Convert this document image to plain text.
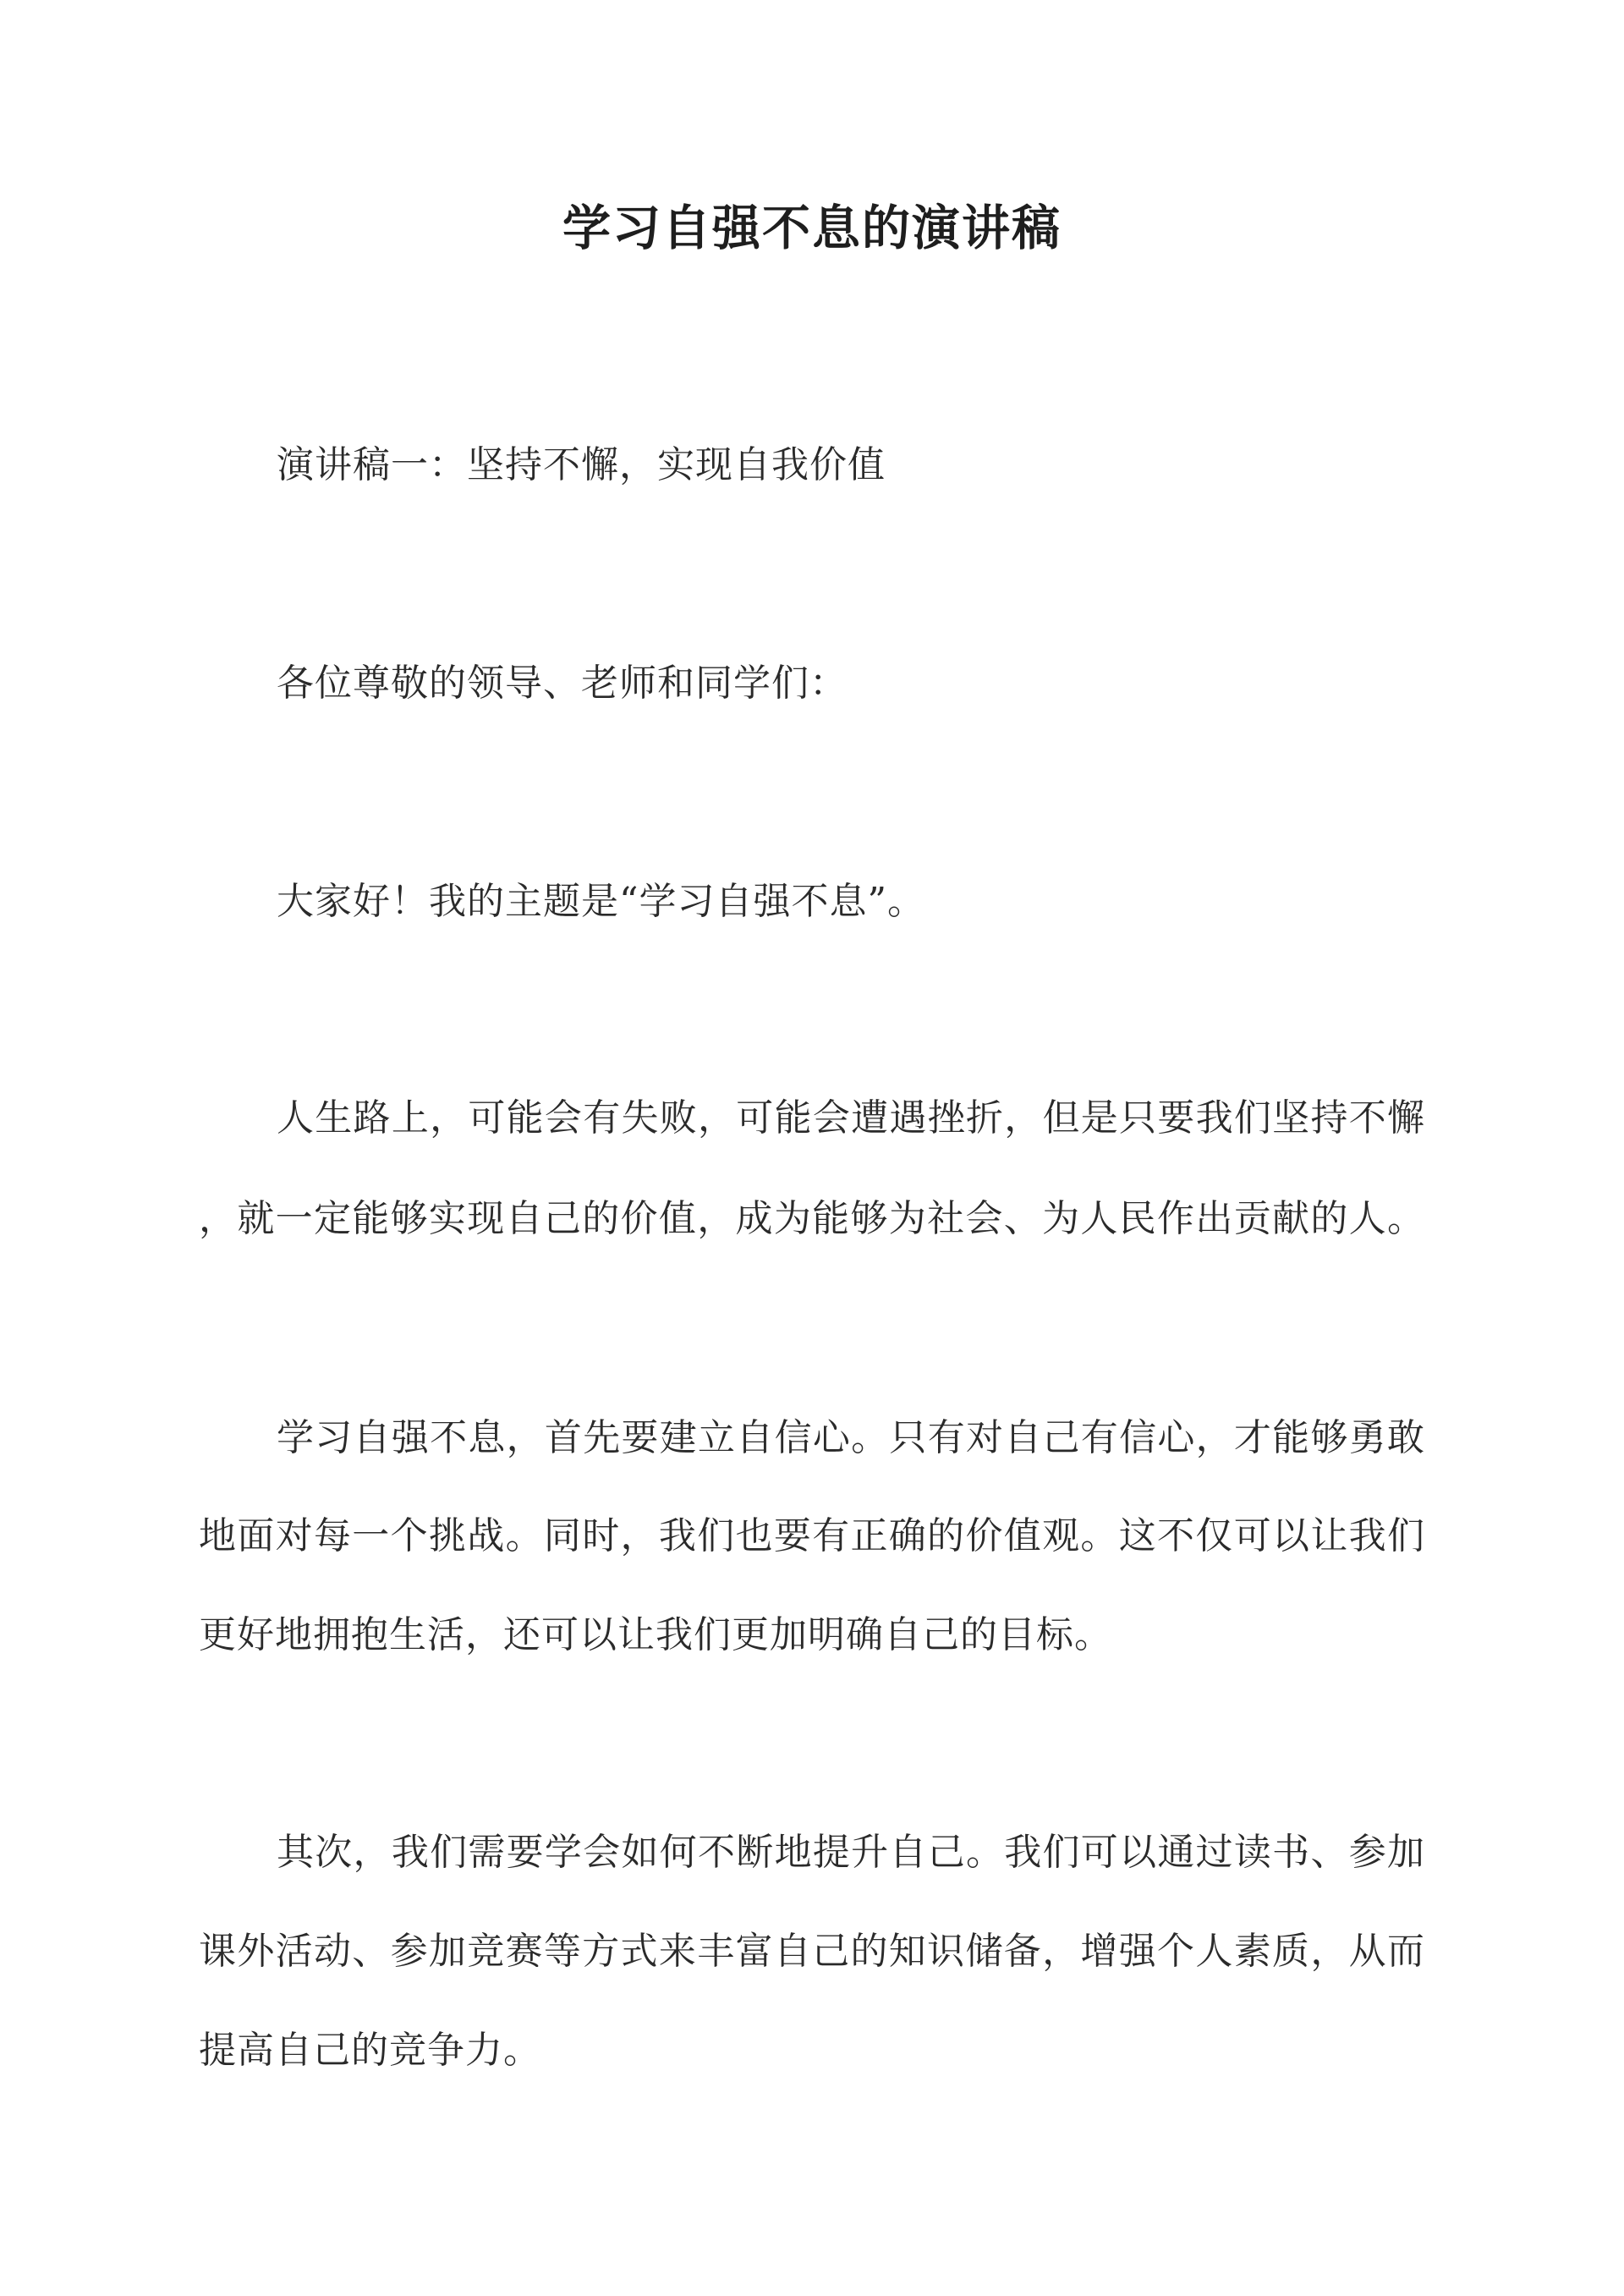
学习自强不息的演讲稿

演讲稿一：坚持不懈，实现自我价值

各位尊敬的领导、老师和同学们：

大家好！我的主题是“学习自强不息”。

人生路上，可能会有失败，可能会遭遇挫折，但是只要我们坚持不懈

，就一定能够实现自己的价值，成为能够为社会、为人民作出贡献的人。

学习自强不息，首先要建立自信心。只有对自己有信心，才能够勇敢

地面对每一个挑战。同时，我们也要有正确的价值观。这不仅可以让我们

更好地拥抱生活，还可以让我们更加明确自己的目标。

其次，我们需要学会如何不断地提升自己。我们可以通过读书、参加

课外活动、参加竞赛等方式来丰富自己的知识储备，增强个人素质，从而

提高自己的竞争力。
